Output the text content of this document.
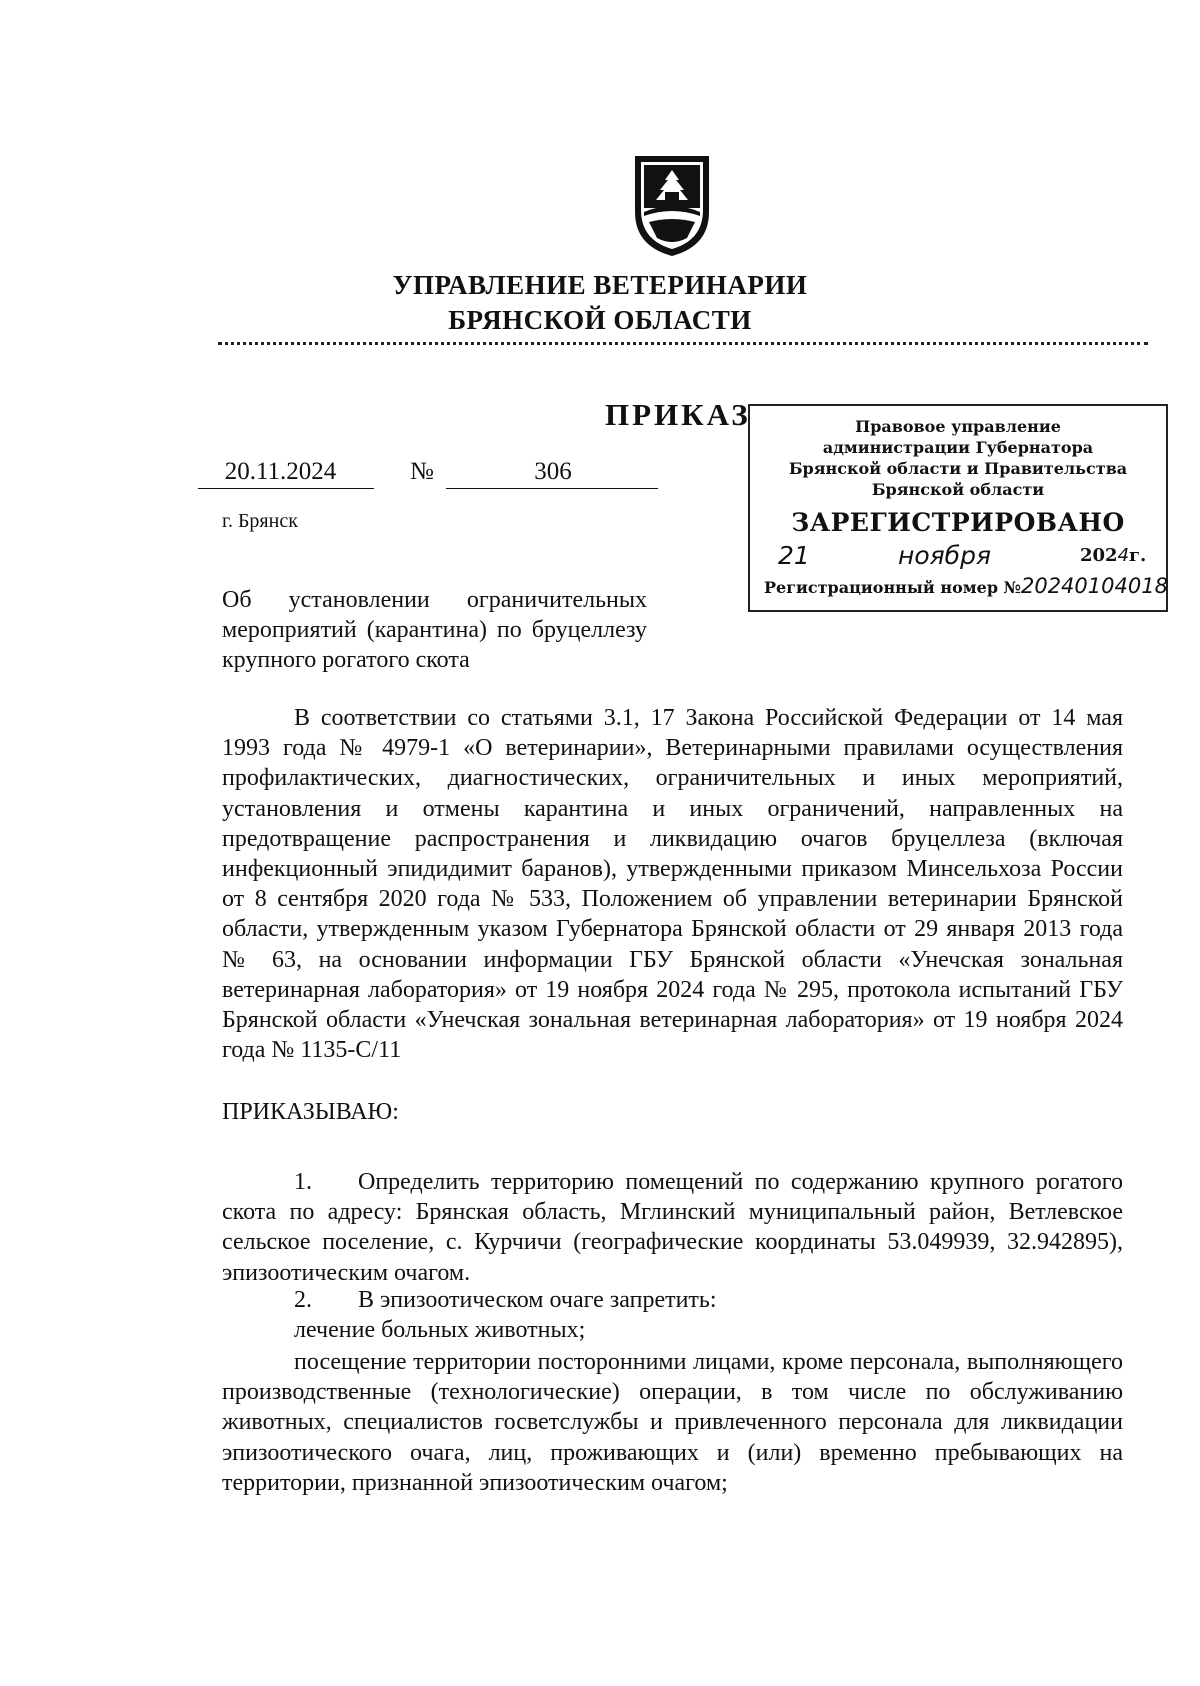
УПРАВЛЕНИЕ ВЕТЕРИНАРИИ
БРЯНСКОЙ ОБЛАСТИ
ПРИКАЗ
20.11.2024	№	306
г. Брянск
Правовое управление
администрации Губернатора
Брянской области и Правительства
Брянской области
ЗАРЕГИСТРИРОВАНО
21	ноября	2024г.
Регистрационный номер №20240104018
Об установлении ограничительных мероприятий (карантина) по бруцеллезу крупного рогатого скота
В соответствии со статьями 3.1, 17 Закона Российской Федерации от 14 мая 1993 года № 4979-1 «О ветеринарии», Ветеринарными правилами осуществления профилактических, диагностических, ограничительных и иных мероприятий, установления и отмены карантина и иных ограничений, направленных на предотвращение распространения и ликвидацию очагов бруцеллеза (включая инфекционный эпидидимит баранов), утвержденными приказом Минсельхоза России от 8 сентября 2020 года № 533, Положением об управлении ветеринарии Брянской области, утвержденным указом Губернатора Брянской области от 29 января 2013 года № 63, на основании информации ГБУ Брянской области «Унечская зональная ветеринарная лаборатория» от 19 ноября 2024 года № 295, протокола испытаний ГБУ Брянской области «Унечская зональная ветеринарная лаборатория» от 19 ноября 2024 года № 1135-С/11
ПРИКАЗЫВАЮ:
1. Определить территорию помещений по содержанию крупного рогатого скота по адресу: Брянская область, Мглинский муниципальный район, Ветлевское сельское поселение, с. Курчичи (географические координаты 53.049939, 32.942895), эпизоотическим очагом.
2. В эпизоотическом очаге запретить:
лечение больных животных;
посещение территории посторонними лицами, кроме персонала, выполняющего производственные (технологические) операции, в том числе по обслуживанию животных, специалистов госветслужбы и привлеченного персонала для ликвидации эпизоотического очага, лиц, проживающих и (или) временно пребывающих на территории, признанной эпизоотическим очагом;
